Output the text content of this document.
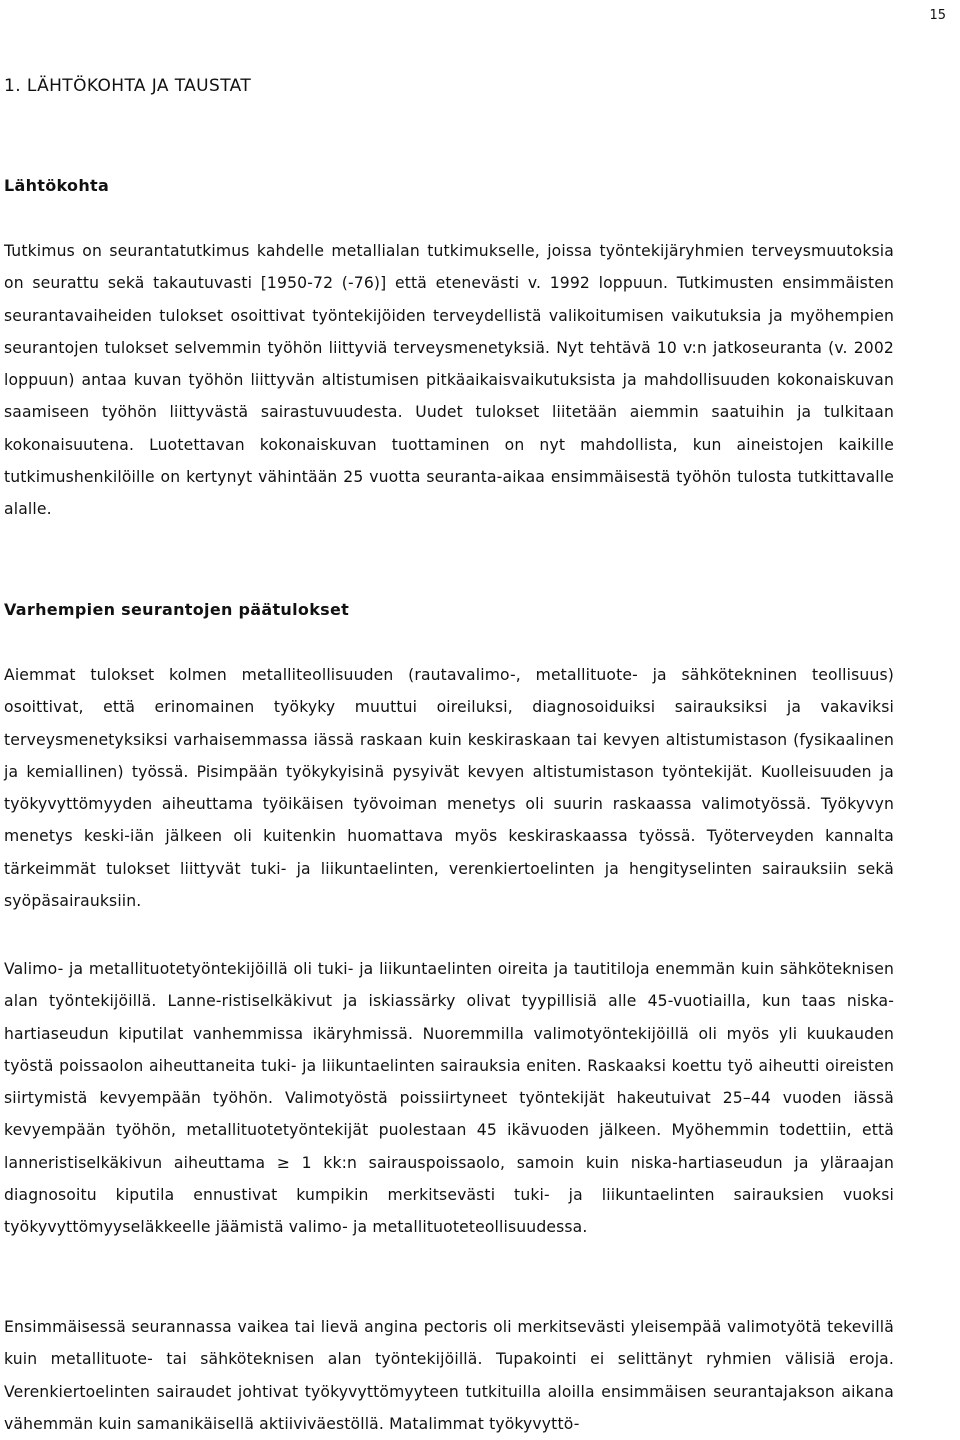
15
1. LÄHTÖKOHTA JA TAUSTAT
Lähtökohta

Tutkimus on seurantatutkimus kahdelle metallialan tutkimukselle, joissa työntekijäryhmien terveysmuutoksia on seurattu sekä takautuvasti [1950-72 (-76)] että etenevästi v. 1992 loppuun. Tutkimusten ensimmäisten seurantavaiheiden tulokset osoittivat työntekijöiden terveydellistä valikoitumisen vaikutuksia ja myöhempien seurantojen tulokset selvemmin työhön liittyviä terveysmenetyksiä. Nyt tehtävä 10 v:n jatkoseuranta (v. 2002 loppuun) antaa kuvan työhön liittyvän altistumisen pitkäaikaisvaikutuksista ja mahdollisuuden kokonaiskuvan saamiseen työhön liittyvästä sairastuvuudesta. Uudet tulokset liitetään aiemmin saatuihin ja tulkitaan kokonaisuutena. Luotettavan kokonaiskuvan tuottaminen on nyt mahdollista, kun aineistojen kaikille tutkimushenkilöille on kertynyt vähintään 25 vuotta seuranta-aikaa ensimmäisestä työhön tulosta tutkittavalle alalle.

Varhempien seurantojen päätulokset

Aiemmat tulokset kolmen metalliteollisuuden (rautavalimo-, metallituote- ja sähkötekninen teollisuus) osoittivat, että erinomainen työkyky muuttui oireiluksi, diagnosoiduiksi sairauksiksi ja vakaviksi terveysmenetyksiksi varhaisemmassa iässä raskaan kuin keskiraskaan tai kevyen altistumistason (fysikaalinen ja kemiallinen) työssä. Pisimpään työkykyisinä pysyivät kevyen altistumistason työntekijät. Kuolleisuuden ja työkyvyttömyyden aiheuttama työikäisen työvoiman menetys oli suurin raskaassa valimotyössä. Työkyvyn menetys keski-iän jälkeen oli kuitenkin huomattava myös keskiraskaassa työssä. Työterveyden kannalta tärkeimmät tulokset liittyvät tuki- ja liikuntaelinten, verenkiertoelinten ja hengityselinten sairauksiin sekä syöpäsairauksiin.

Valimo- ja metallituotetyöntekijöillä oli tuki- ja liikuntaelinten oireita ja tautitiloja enemmän kuin sähköteknisen alan työntekijöillä. Lanne-ristiselkäkivut ja iskiassärky olivat tyypillisiä alle 45-vuotiailla, kun taas niska-hartiaseudun kiputilat vanhemmissa ikäryhmissä. Nuoremmilla valimotyöntekijöillä oli myös yli kuukauden työstä poissaolon aiheuttaneita tuki- ja liikuntaelinten sairauksia eniten. Raskaaksi koettu työ aiheutti oireisten siirtymistä kevyempään työhön. Valimotyöstä poissiirtyneet työntekijät hakeutuivat 25–44 vuoden iässä kevyempään työhön, metallituotetyöntekijät puolestaan 45 ikävuoden jälkeen. Myöhemmin todettiin, että lanneristiselkäkivun aiheuttama ≥ 1 kk:n sairauspoissaolo, samoin kuin niska-hartiaseudun ja yläraajan diagnosoitu kiputila ennustivat kumpikin merkitsevästi tuki- ja liikuntaelinten sairauksien vuoksi työkyvyttömyyseläkkeelle jäämistä valimo- ja metallituoteteollisuudessa.

Ensimmäisessä seurannassa vaikea tai lievä angina pectoris oli merkitsevästi yleisempää valimotyötä tekevillä kuin metallituote- tai sähköteknisen alan työntekijöillä. Tupakointi ei selittänyt ryhmien välisiä eroja. Verenkiertoelinten sairaudet johtivat työkyvyttömyyteen tutkituilla aloilla ensimmäisen seurantajakson aikana vähemmän kuin samanikäisellä aktiiviväestöllä. Matalimmat työkyvyttö-
